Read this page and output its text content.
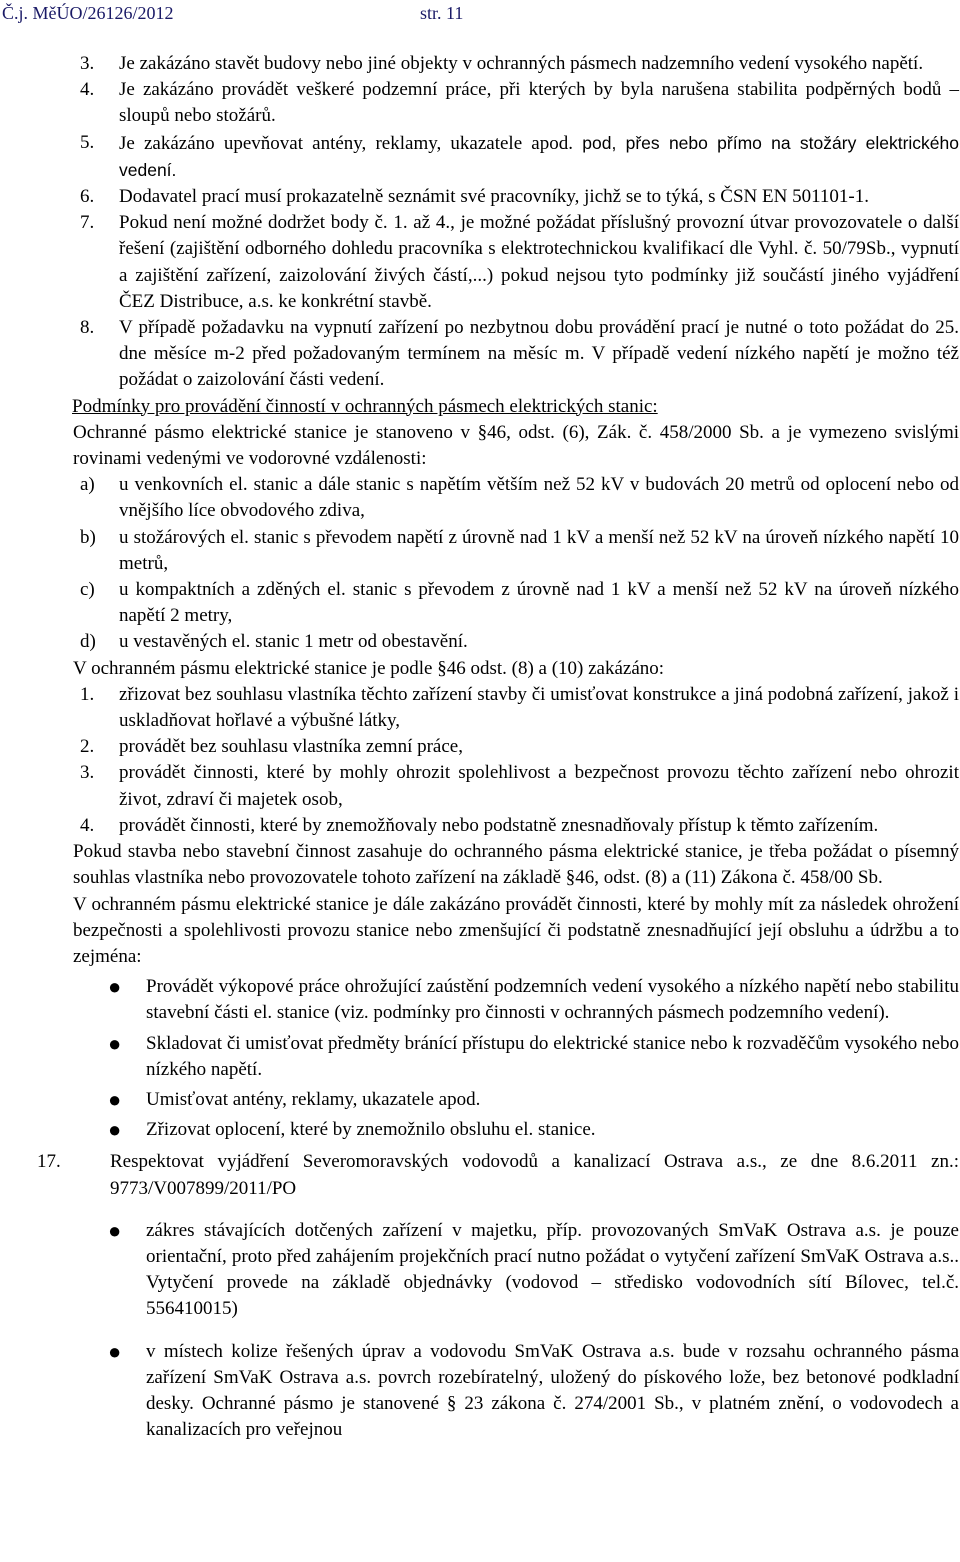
Č.j. MěÚO/26126/2012	str. 11
3.	Je zakázáno stavět budovy nebo jiné objekty v ochranných pásmech nadzemního vedení vysokého napětí.
4.	Je zakázáno provádět veškeré podzemní práce, při kterých by byla narušena stabilita podpěrných bodů – sloupů nebo stožárů.
5.	Je zakázáno upevňovat antény, reklamy, ukazatele apod. pod, přes nebo přímo na stožáry elektrického vedení.
6.	Dodavatel prací musí prokazatelně seznámit své pracovníky, jichž se to týká, s ČSN EN 501101-1.
7.	Pokud není možné dodržet body č. 1. až 4., je možné požádat příslušný provozní útvar provozovatele o další řešení (zajištění odborného dohledu pracovníka s elektrotechnickou kvalifikací dle Vyhl. č. 50/79Sb., vypnutí a zajištění zařízení, zaizolování živých částí,...) pokud nejsou tyto podmínky již součástí jiného vyjádření ČEZ Distribuce, a.s. ke konkrétní stavbě.
8.	V případě požadavku na vypnutí zařízení po nezbytnou dobu provádění prací je nutné o toto požádat do 25. dne měsíce m-2 před požadovaným termínem na měsíc m. V případě vedení nízkého napětí je možno též požádat o zaizolování části vedení.

Podmínky pro provádění činností v ochranných pásmech elektrických stanic:

Ochranné pásmo elektrické stanice je stanoveno v §46, odst. (6), Zák. č. 458/2000 Sb. a je vymezeno svislými rovinami vedenými ve vodorovné vzdálenosti:

a)	u venkovních el. stanic a dále stanic s napětím větším než 52 kV v budovách 20 metrů od oplocení nebo od vnějšího líce obvodového zdiva,
b)	u stožárových el. stanic s převodem napětí z úrovně nad 1 kV a menší než 52 kV na úroveň nízkého napětí 10 metrů,
c)	u kompaktních a zděných el. stanic s převodem z úrovně nad 1 kV a menší než 52 kV na úroveň nízkého napětí 2 metry,
d)	u vestavěných el. stanic 1 metr od obestavění.

V ochranném pásmu elektrické stanice je podle §46 odst. (8) a (10) zakázáno:

1.	zřizovat bez souhlasu vlastníka těchto zařízení stavby či umisťovat konstrukce a jiná podobná zařízení, jakož i uskladňovat hořlavé a výbušné látky,
2.	provádět bez souhlasu vlastníka zemní práce,
3.	provádět činnosti, které by mohly ohrozit spolehlivost a bezpečnost provozu těchto zařízení nebo ohrozit život, zdraví či majetek osob,
4.	provádět činnosti, které by znemožňovaly nebo podstatně znesnadňovaly přístup k těmto zařízením.

Pokud stavba nebo stavební činnost zasahuje do ochranného pásma elektrické stanice, je třeba požádat o písemný souhlas vlastníka nebo provozovatele tohoto zařízení na základě §46, odst. (8) a (11) Zákona č. 458/00 Sb.

V ochranném pásmu elektrické stanice je dále zakázáno provádět činnosti, které by mohly mít za následek ohrožení bezpečnosti a spolehlivosti provozu stanice nebo zmenšující či podstatně znesnadňující její obsluhu a údržbu a to zejména:

●	Provádět výkopové práce ohrožující zaústění podzemních vedení vysokého a nízkého napětí nebo stabilitu stavební části el. stanice (viz. podmínky pro činnosti v ochranných pásmech podzemního vedení).
●	Skladovat či umisťovat předměty bránící přístupu do elektrické stanice nebo k rozvaděčům vysokého nebo nízkého napětí.
●	Umisťovat antény, reklamy, ukazatele apod.
●	Zřizovat oplocení, které by znemožnilo obsluhu el. stanice.
17.	Respektovat vyjádření Severomoravských vodovodů a kanalizací Ostrava a.s., ze dne 8.6.2011 zn.: 9773/V007899/2011/PO
●	zákres stávajících dotčených zařízení v majetku, příp. provozovaných SmVaK Ostrava a.s. je pouze orientační, proto před zahájením projekčních prací nutno požádat o vytyčení zařízení SmVaK Ostrava a.s.. Vytyčení provede na základě objednávky (vodovod – středisko vodovodních sítí Bílovec, tel.č. 556410015)
●	v místech kolize řešených úprav a vodovodu SmVaK Ostrava a.s. bude v rozsahu ochranného pásma zařízení SmVaK Ostrava a.s. povrch rozebíratelný, uložený do pískového lože, bez betonové podkladní desky. Ochranné pásmo je stanovené § 23 zákona č. 274/2001 Sb., v platném znění, o vodovodech a kanalizacích pro veřejnou
